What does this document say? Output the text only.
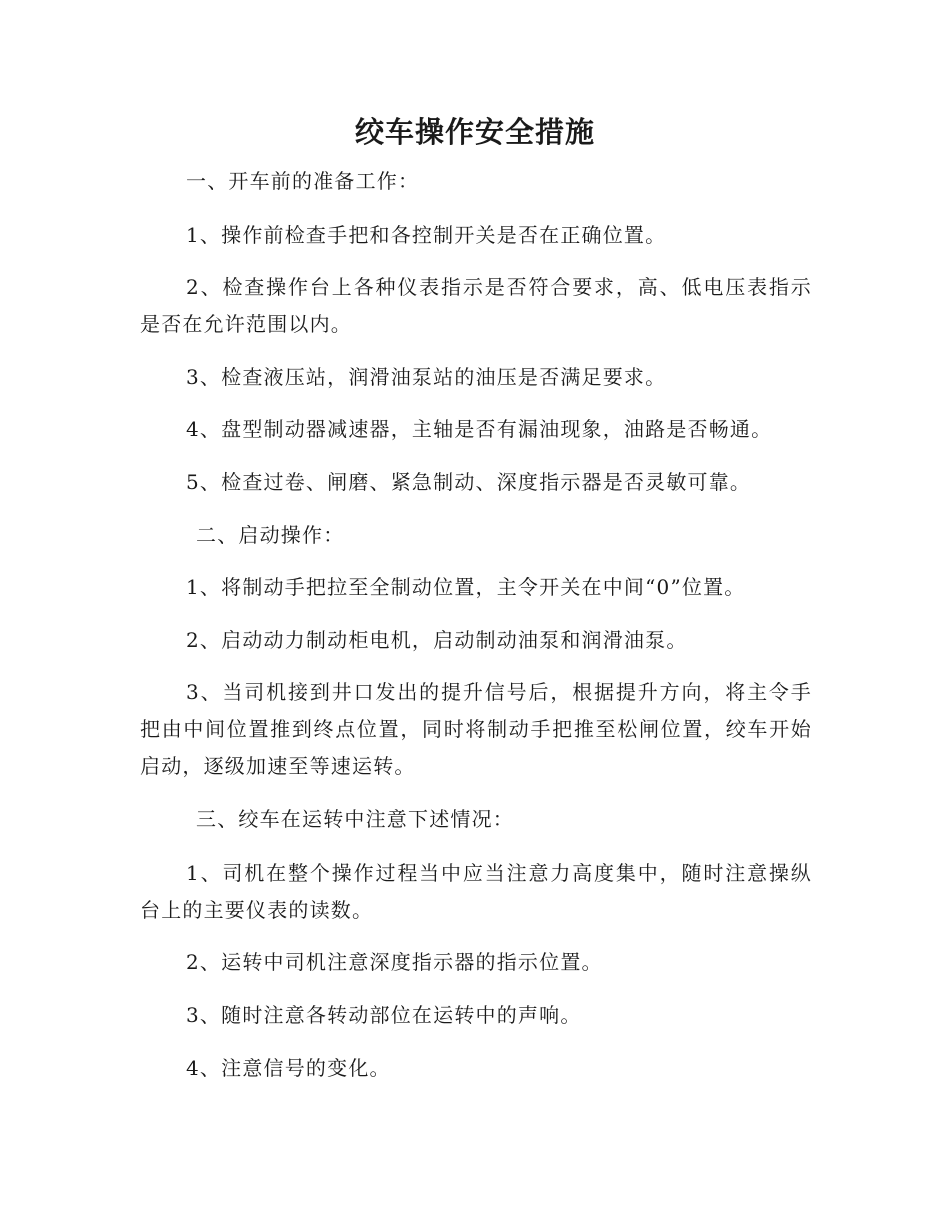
绞车操作安全措施
一、开车前的准备工作：
1、操作前检查手把和各控制开关是否在正确位置。
2、检查操作台上各种仪表指示是否符合要求，高、低电压表指示是否在允许范围以内。
3、检查液压站，润滑油泵站的油压是否满足要求。
4、盘型制动器减速器，主轴是否有漏油现象，油路是否畅通。
5、检查过卷、闸磨、紧急制动、深度指示器是否灵敏可靠。
二、启动操作：
1、将制动手把拉至全制动位置，主令开关在中间“0”位置。
2、启动动力制动柜电机，启动制动油泵和润滑油泵。
3、当司机接到井口发出的提升信号后，根据提升方向，将主令手把由中间位置推到终点位置，同时将制动手把推至松闸位置，绞车开始启动，逐级加速至等速运转。
三、绞车在运转中注意下述情况：
1、司机在整个操作过程当中应当注意力高度集中，随时注意操纵台上的主要仪表的读数。
2、运转中司机注意深度指示器的指示位置。
3、随时注意各转动部位在运转中的声响。
4、注意信号的变化。
